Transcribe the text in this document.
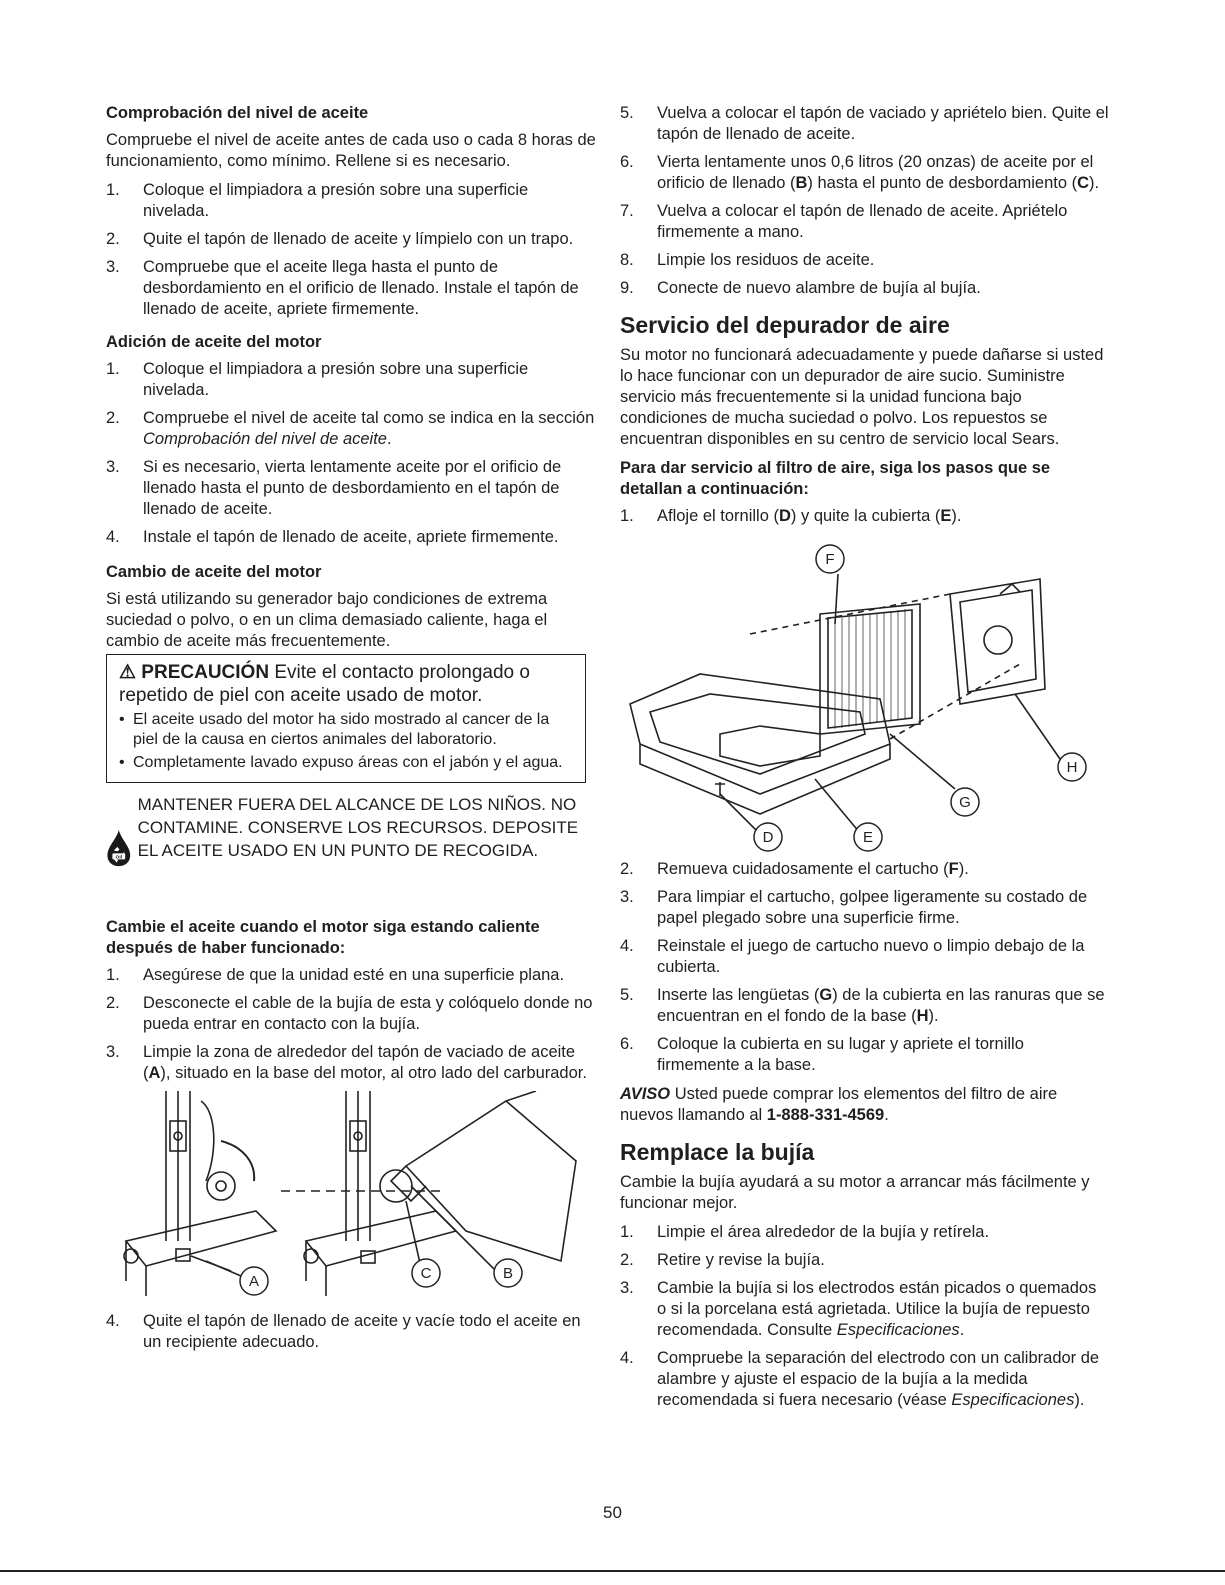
Comprobación del nivel de aceite

Compruebe el nivel de aceite antes de cada uso o cada 8 horas de funcionamiento, como mínimo. Rellene si es necesario.

1. Coloque el limpiadora a presión sobre una superficie nivelada.
2. Quite el tapón de llenado de aceite y límpielo con un trapo.
3. Compruebe que el aceite llega hasta el punto de desbordamiento en el orificio de llenado. Instale el tapón de llenado de aceite, apriete firmemente.
Adición de aceite del motor
1. Coloque el limpiadora a presión sobre una superficie nivelada.
2. Compruebe el nivel de aceite tal como se indica en la sección Comprobación del nivel de aceite.
3. Si es necesario, vierta lentamente aceite por el orificio de llenado hasta el punto de desbordamiento en el tapón de llenado de aceite.
4. Instale el tapón de llenado de aceite, apriete firmemente.
Cambio de aceite del motor

Si está utilizando su generador bajo condiciones de extrema suciedad o polvo, o en un clima demasiado caliente, haga el cambio de aceite más frecuentemente.

⚠ PRECAUCIÓN Evite el contacto prolongado o repetido de piel con aceite usado de motor.
• El aceite usado del motor ha sido mostrado al cancer de la piel de la causa en ciertos animales del laboratorio.
• Completamente lavado expuso áreas con el jabón y el agua.
Oil
MANTENER FUERA DEL ALCANCE DE LOS NIÑOS. NO CONTAMINE. CONSERVE LOS RECURSOS. DEPOSITE EL ACEITE USADO EN UN PUNTO DE RECOGIDA.
Cambie el aceite cuando el motor siga estando caliente después de haber funcionado:
1. Asegúrese de que la unidad esté en una superficie plana.
2. Desconecte el cable de la bujía de esta y colóquelo donde no pueda entrar en contacto con la bujía.
3. Limpie la zona de alrededor del tapón de vaciado de aceite (A), situado en la base del motor, al otro lado del carburador.
A	C	B
4. Quite el tapón de llenado de aceite y vacíe todo el aceite en un recipiente adecuado.
5. Vuelva a colocar el tapón de vaciado y apriételo bien. Quite el tapón de llenado de aceite.
6. Vierta lentamente unos 0,6 litros (20 onzas) de aceite por el orificio de llenado (B) hasta el punto de desbordamiento (C).
7. Vuelva a colocar el tapón de llenado de aceite. Apriételo firmemente a mano.
8. Limpie los residuos de aceite.
9. Conecte de nuevo alambre de bujía al bujía.
Servicio del depurador de aire

Su motor no funcionará adecuadamente y puede dañarse si usted lo hace funcionar con un depurador de aire sucio. Suministre servicio más frecuentemente si la unidad funciona bajo condiciones de mucha suciedad o polvo. Los repuestos se encuentran disponibles en su centro de servicio local Sears.

Para dar servicio al filtro de aire, siga los pasos que se detallan a continuación:
1. Afloje el tornillo (D) y quite la cubierta (E).
F
D	E
G
H
2. Remueva cuidadosamente el cartucho (F).
3. Para limpiar el cartucho, golpee ligeramente su costado de papel plegado sobre una superficie firme.
4. Reinstale el juego de cartucho nuevo o limpio debajo de la cubierta.
5. Inserte las lengüetas (G) de la cubierta en las ranuras que se encuentran en el fondo de la base (H).
6. Coloque la cubierta en su lugar y apriete el tornillo firmemente a la base.

AVISO Usted puede comprar los elementos del filtro de aire nuevos llamando al 1-888-331-4569.

Remplace la bujía

Cambie la bujía ayudará a su motor a arrancar más fácilmente y funcionar mejor.

1. Limpie el área alrededor de la bujía y retírela.
2. Retire y revise la bujía.
3. Cambie la bujía si los electrodos están picados o quemados o si la porcelana está agrietada. Utilice la bujía de repuesto recomendada. Consulte Especificaciones.
4. Compruebe la separación del electrodo con un calibrador de alambre y ajuste el espacio de la bujía a la medida recomendada si fuera necesario (véase Especificaciones).
50
